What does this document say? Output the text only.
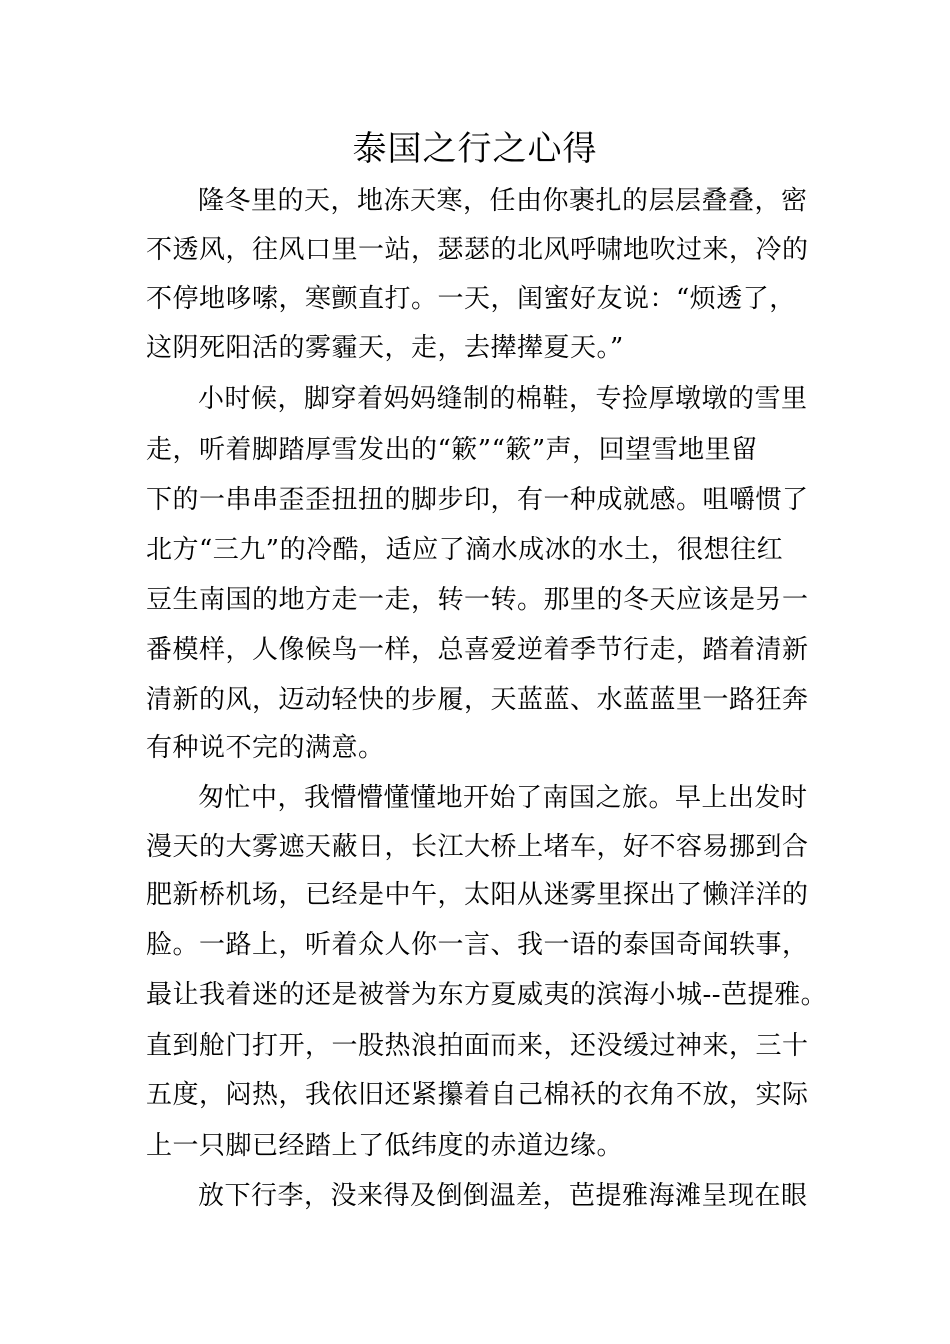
泰国之行之心得
隆冬里的天，地冻天寒，任由你裹扎的层层叠叠，密
不透风，往风口里一站，瑟瑟的北风呼啸地吹过来，冷的
不停地哆嗦，寒颤直打。一天，闺蜜好友说：“烦透了，
这阴死阳活的雾霾天，走，去撵撵夏天。”
小时候，脚穿着妈妈缝制的棉鞋，专捡厚墩墩的雪里
走，听着脚踏厚雪发出的“簌”“簌”声，回望雪地里留
下的一串串歪歪扭扭的脚步印，有一种成就感。咀嚼惯了
北方“三九”的冷酷，适应了滴水成冰的水土，很想往红
豆生南国的地方走一走，转一转。那里的冬天应该是另一
番模样，人像候鸟一样，总喜爱逆着季节行走，踏着清新
清新的风，迈动轻快的步履，天蓝蓝、水蓝蓝里一路狂奔
有种说不完的满意。
匆忙中，我懵懵懂懂地开始了南国之旅。早上出发时
漫天的大雾遮天蔽日，长江大桥上堵车，好不容易挪到合
肥新桥机场，已经是中午，太阳从迷雾里探出了懒洋洋的
脸。一路上，听着众人你一言、我一语的泰国奇闻轶事，
最让我着迷的还是被誉为东方夏威夷的滨海小城--芭提雅。
直到舱门打开，一股热浪拍面而来，还没缓过神来，三十
五度，闷热，我依旧还紧攥着自己棉袄的衣角不放，实际
上一只脚已经踏上了低纬度的赤道边缘。
放下行李，没来得及倒倒温差，芭提雅海滩呈现在眼
